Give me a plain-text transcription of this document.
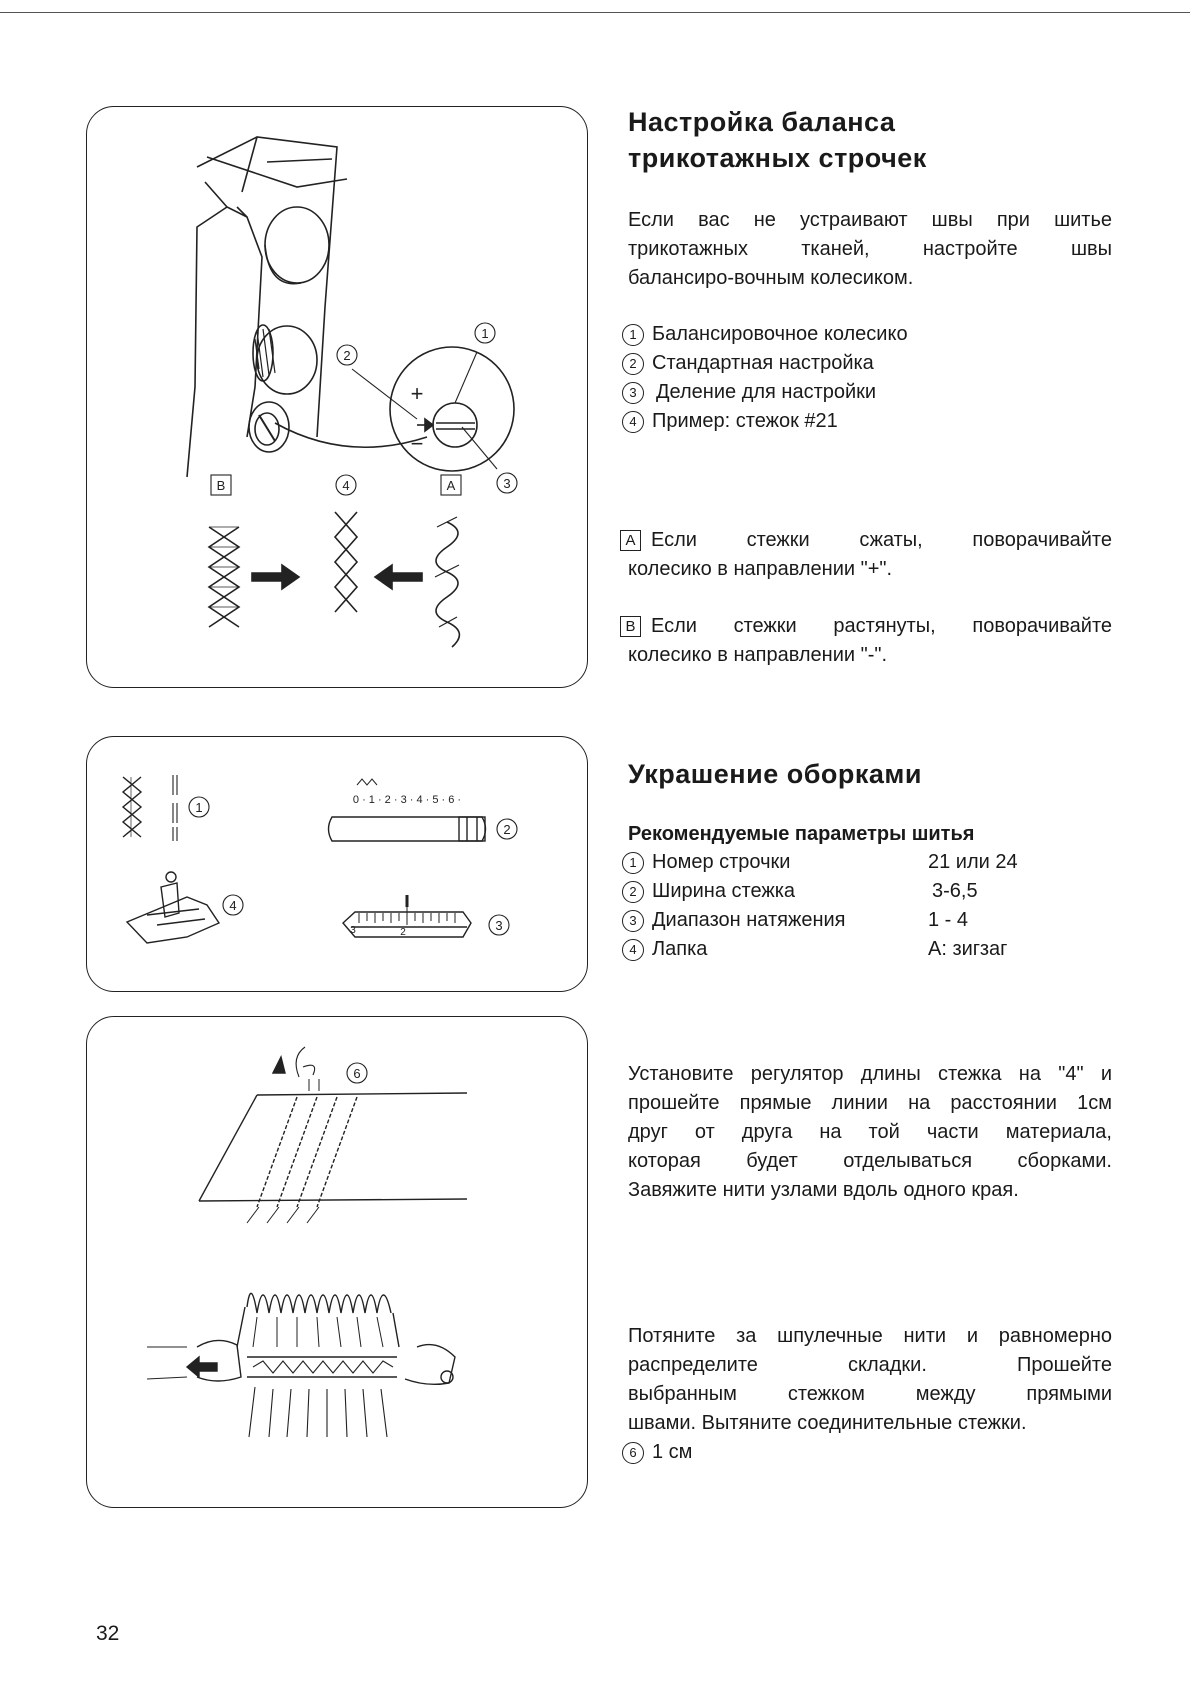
1
2
3
4
B	A
+
−
Настройка баланса
трикотажных строчек

Если вас не устраивают швы при шитье
трикотажных тканей, настройте швы
балансиро-вочным колесиком.

1 Балансировочное колесико
2 Стандартная настройка
3 Деление для настройки
4 Пример: стежок #21
A Если стежки сжаты, поворачивайте
колесико в направлении "+".
B Если стежки растянуты, поворачивайте
колесико в направлении "-".
0 · 1 · 2 · 3 · 4 · 5 · 6 ·
3	2
1
2
3
4
Украшение оборками
Рекомендуемые параметры шитья
1 Номер строчки	21 или 24
2 Ширина стежка	3-6,5
3 Диапазон натяжения	1 - 4
4 Лапка	A: зигзаг
6	Установите регулятор длины стежка на "4" и
прошейте прямые линии на расстоянии 1см
друг от друга на той части материала,
которая будет отделываться сборками.
Завяжите нити узлами вдоль одного края.

Потяните за шпулечные нити и равномерно
распределите складки. Прошейте
выбранным стежком между прямыми
швами. Вытяните соединительные стежки.

6 1 см
32
